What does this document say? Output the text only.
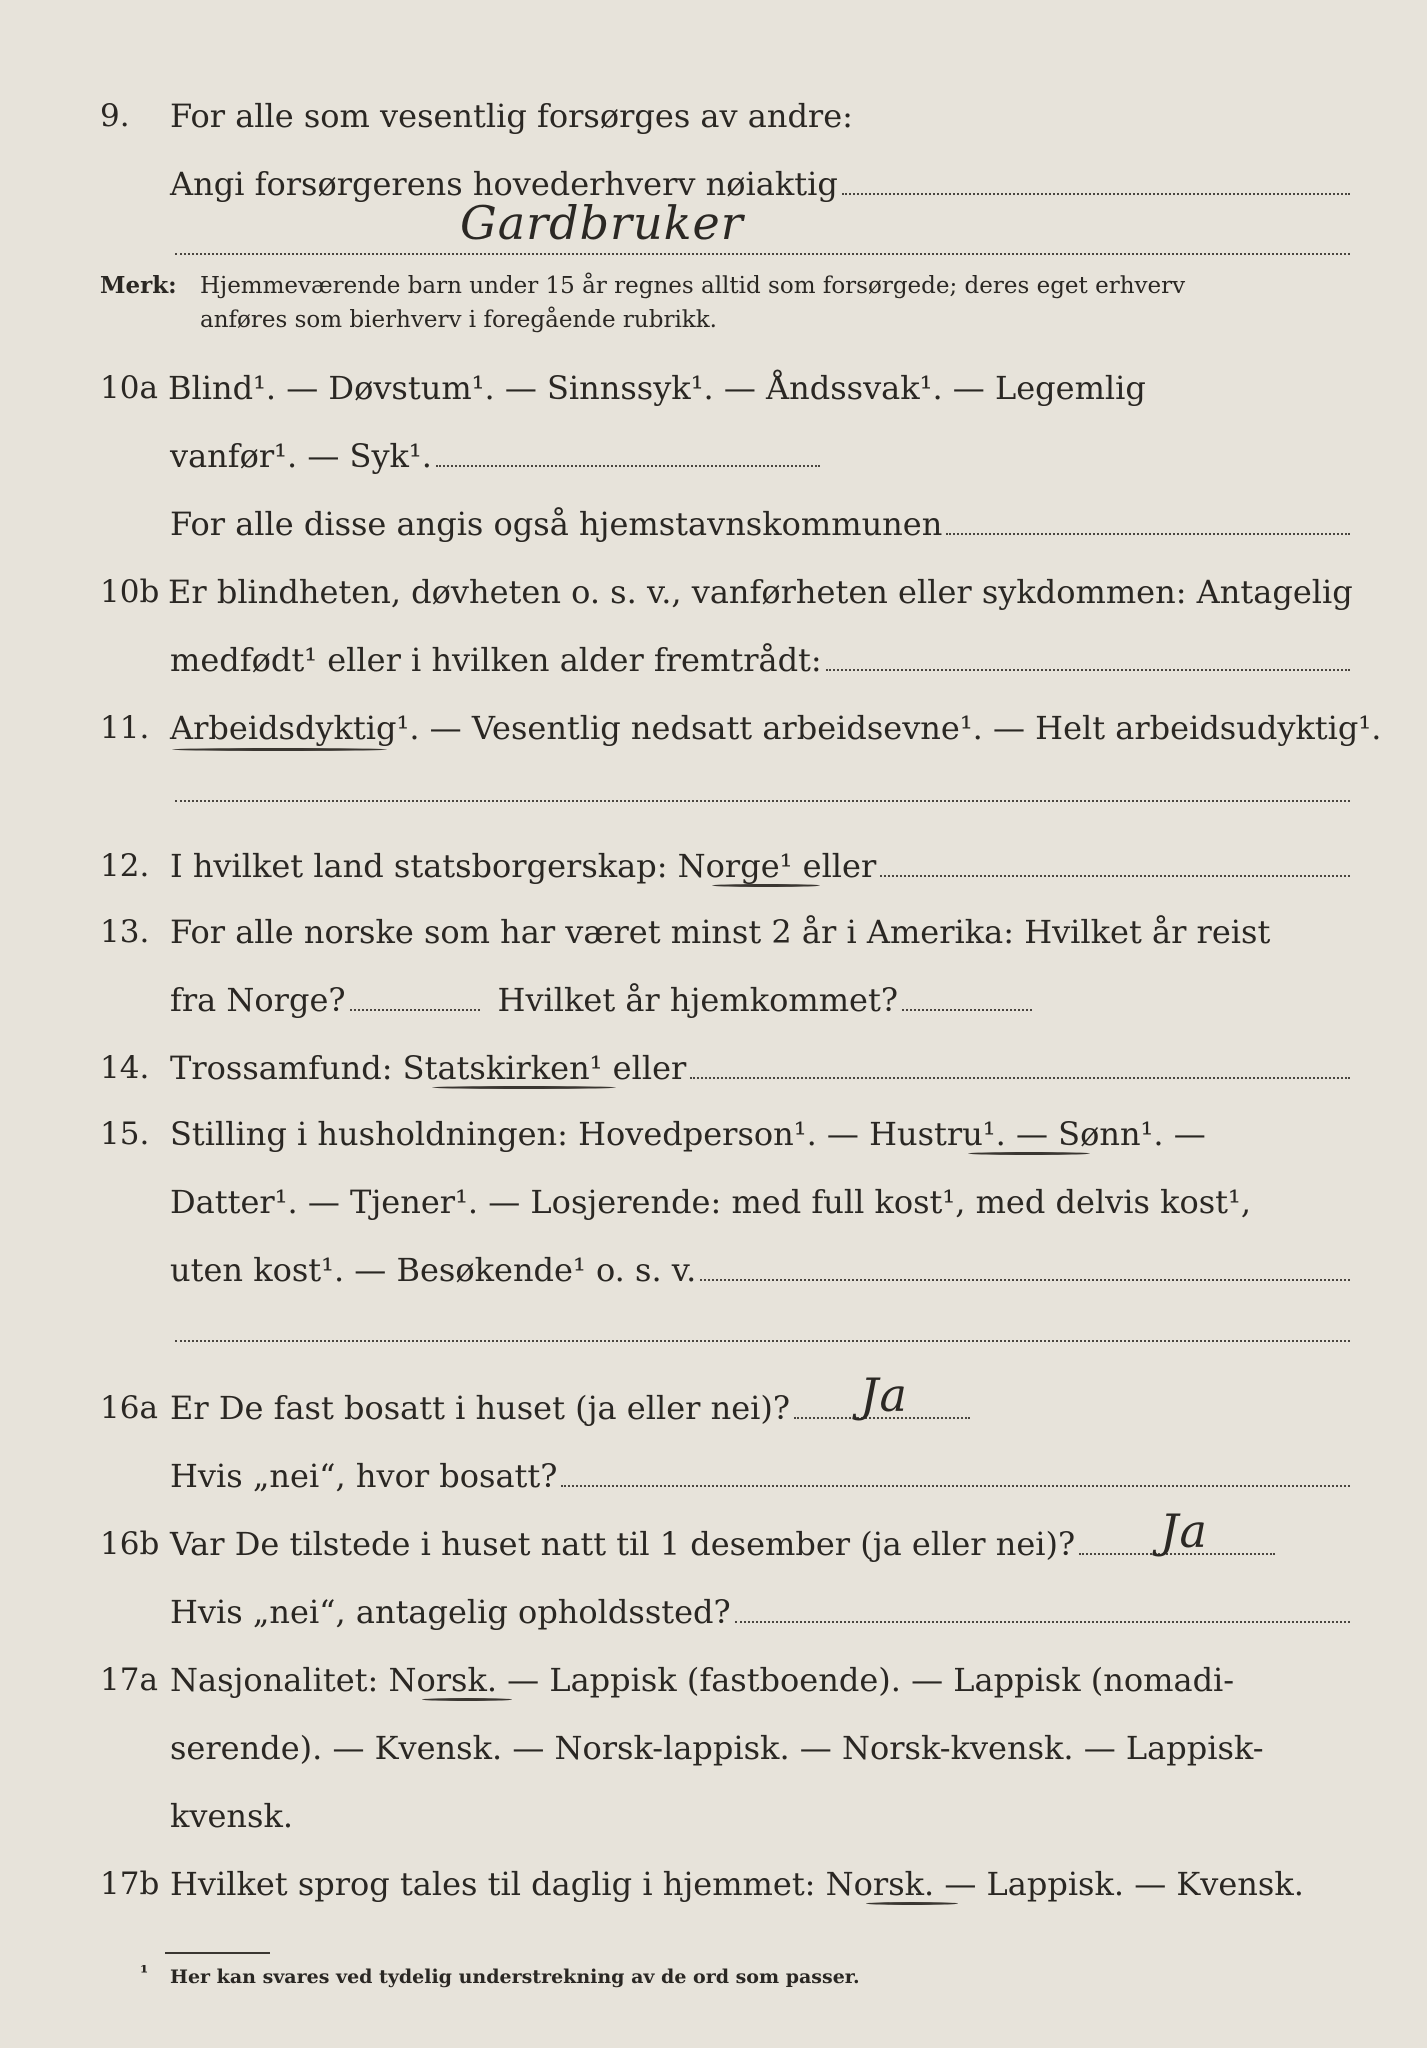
9.	For alle som vesentlig forsørges av andre:
Angi forsørgerens hovederhverv nøiaktig
Gardbruker
Merk: Hjemmeværende barn under 15 år regnes alltid som forsørgede; deres eget erhverv
anføres som bierhverv i foregående rubrikk.
10a Blind¹. — Døvstum¹. — Sinnssyk¹. — Åndssvak¹. — Legemlig
vanfør¹. — Syk¹.
For alle disse angis også hjemstavnskommunen
10b Er blindheten, døvheten o. s. v., vanførheten eller sykdommen: Antagelig
medfødt¹ eller i hvilken alder fremtrådt:
11. Arbeidsdyktig¹. — Vesentlig nedsatt arbeidsevne¹. — Helt arbeidsudyktig¹.
12. I hvilket land statsborgerskap: Norge¹ eller
13. For alle norske som har været minst 2 år i Amerika: Hvilket år reist
fra Norge?	Hvilket år hjemkommet?
14. Trossamfund: Statskirken¹ eller
15. Stilling i husholdningen: Hovedperson¹. — Hustru¹. — Sønn¹. —
Datter¹. — Tjener¹. — Losjerende: med full kost¹, med delvis kost¹,
uten kost¹. — Besøkende¹ o. s. v.
16a Er De fast bosatt i huset (ja eller nei)? Ja
Hvis „nei“, hvor bosatt?
16b Var De tilstede i huset natt til 1 desember (ja eller nei)? Ja
Hvis „nei“, antagelig opholdssted?
17a Nasjonalitet: Norsk. — Lappisk (fastboende). — Lappisk (nomadi-
serende). — Kvensk. — Norsk-lappisk. — Norsk-kvensk. — Lappisk-
kvensk.
17b Hvilket sprog tales til daglig i hjemmet: Norsk. — Lappisk. — Kvensk.
¹ Her kan svares ved tydelig understrekning av de ord som passer.
